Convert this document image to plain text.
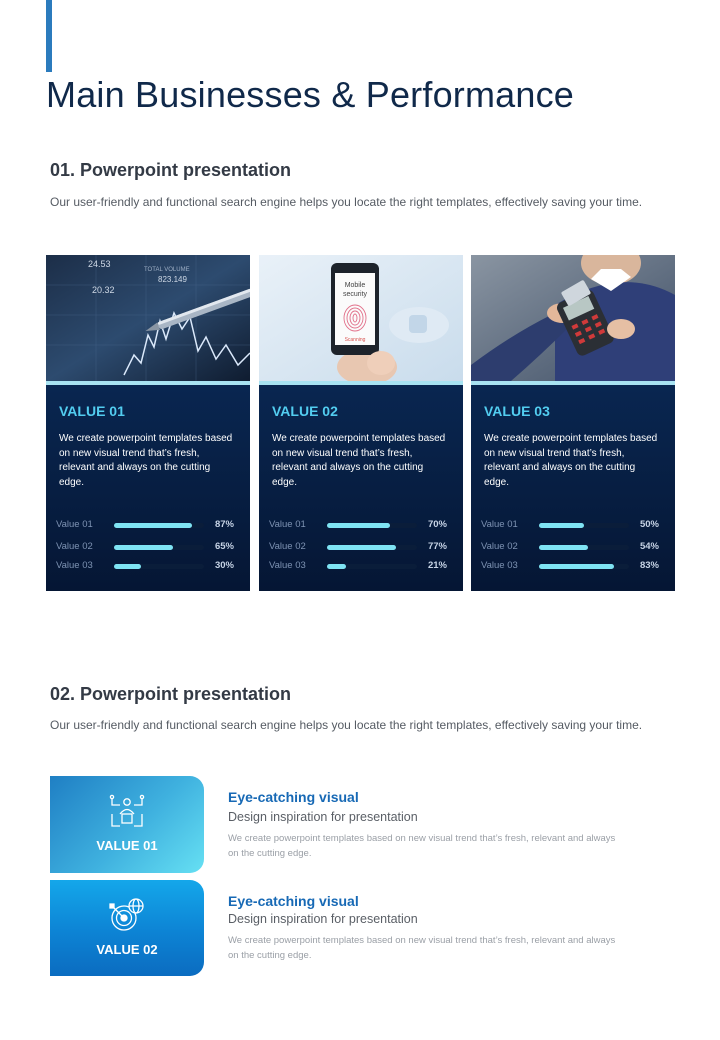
Main Businesses & Performance
01. Powerpoint presentation

Our user-friendly and functional search engine helps you locate the right templates, effectively saving your time.

24.53
TOTAL VOLUME
20.32
823.149
VALUE 01

We create powerpoint templates based on new visual trend that’s fresh, relevant and always on the cutting edge.

Value 01	87%
Value 02	65%
Value 03	30%
Mobile
security
Scanning
VALUE 02

We create powerpoint templates based on new visual trend that’s fresh, relevant and always on the cutting edge.

Value 01	70%
Value 02	77%
Value 03	21%
VALUE 03

We create powerpoint templates based on new visual trend that’s fresh, relevant and always on the cutting edge.

Value 01	50%
Value 02	54%
Value 03	83%
02. Powerpoint presentation

Our user-friendly and functional search engine helps you locate the right templates, effectively saving your time.

VALUE 01
Eye-catching visual

Design inspiration for presentation

We create powerpoint templates based on new visual trend that’s fresh, relevant and always on the cutting edge.

VALUE 02
Eye-catching visual

Design inspiration for presentation

We create powerpoint templates based on new visual trend that’s fresh, relevant and always on the cutting edge.
